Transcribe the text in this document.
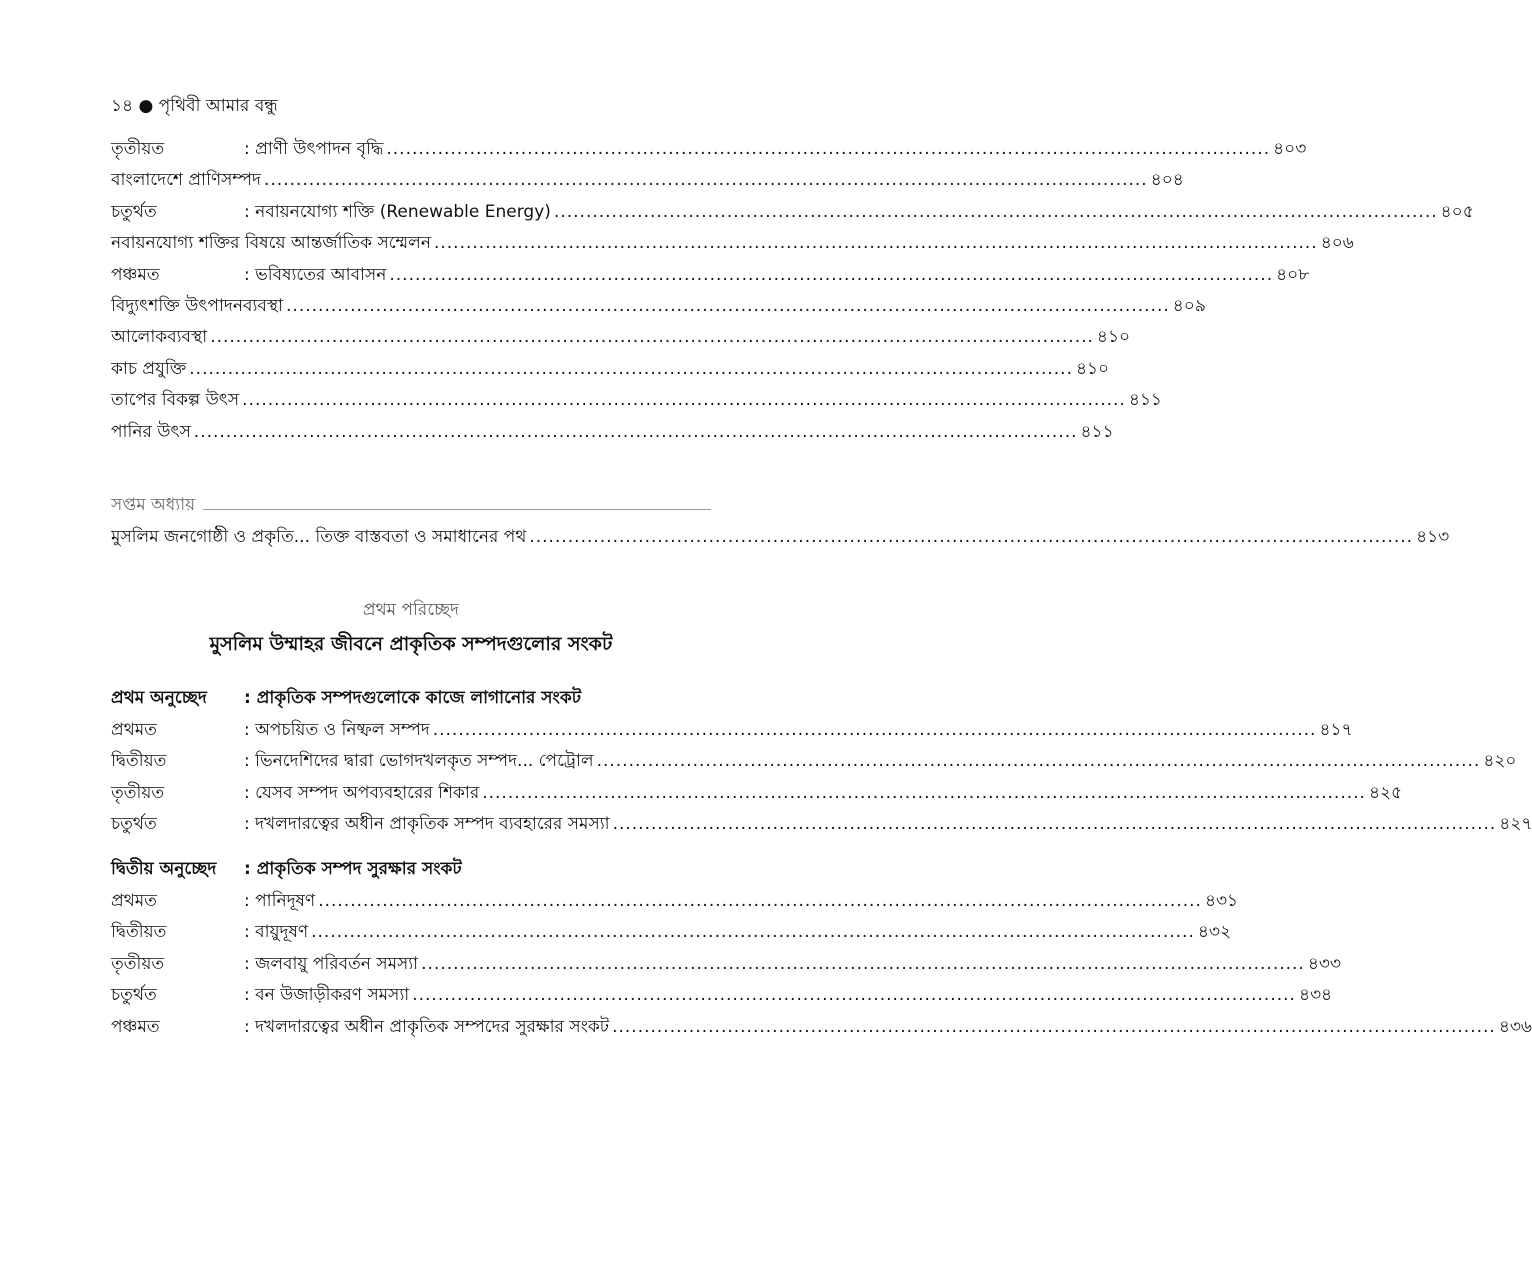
১৪ ● পৃথিবী আমার বন্ধু
তৃতীয়ত	: প্রাণী উৎপাদন বৃদ্ধি .....	৪০৩
বাংলাদেশে প্রাণিসম্পদ .....	৪০৪
চতুর্থত	: নবায়নযোগ্য শক্তি (Renewable Energy) .....	৪০৫
নবায়নযোগ্য শক্তির বিষয়ে আন্তর্জাতিক সম্মেলন .....	৪০৬
পঞ্চমত	: ভবিষ্যতের আবাসন .....	৪০৮
বিদ্যুৎশক্তি উৎপাদনব্যবস্থা .....	৪০৯
আলোকব্যবস্থা .....	৪১০
কাচ প্রযুক্তি .....	৪১০
তাপের বিকল্প উৎস .....	৪১১
পানির উৎস .....	৪১১
সপ্তম অধ্যায়
মুসলিম জনগোষ্ঠী ও প্রকৃতি... তিক্ত বাস্তবতা ও সমাধানের পথ .....	৪১৩
প্রথম পরিচ্ছেদ
মুসলিম উম্মাহর জীবনে প্রাকৃতিক সম্পদগুলোর সংকট
প্রথম অনুচ্ছেদ	: প্রাকৃতিক সম্পদগুলোকে কাজে লাগানোর সংকট
প্রথমত	: অপচয়িত ও নিষ্ফল সম্পদ .....	৪১৭
দ্বিতীয়ত	: ভিনদেশিদের দ্বারা ভোগদখলকৃত সম্পদ... পেট্রোল .....	৪২০
তৃতীয়ত	: যেসব সম্পদ অপব্যবহারের শিকার .....	৪২৫
চতুর্থত	: দখলদারত্বের অধীন প্রাকৃতিক সম্পদ ব্যবহারের সমস্যা .....	৪২৭
দ্বিতীয় অনুচ্ছেদ	: প্রাকৃতিক সম্পদ সুরক্ষার সংকট
প্রথমত	: পানিদূষণ .....	৪৩১
দ্বিতীয়ত	: বায়ুদূষণ .....	৪৩২
তৃতীয়ত	: জলবায়ু পরিবর্তন সমস্যা .....	৪৩৩
চতুর্থত	: বন উজাড়ীকরণ সমস্যা .....	৪৩৪
পঞ্চমত	: দখলদারত্বের অধীন প্রাকৃতিক সম্পদের সুরক্ষার সংকট .....	৪৩৬
